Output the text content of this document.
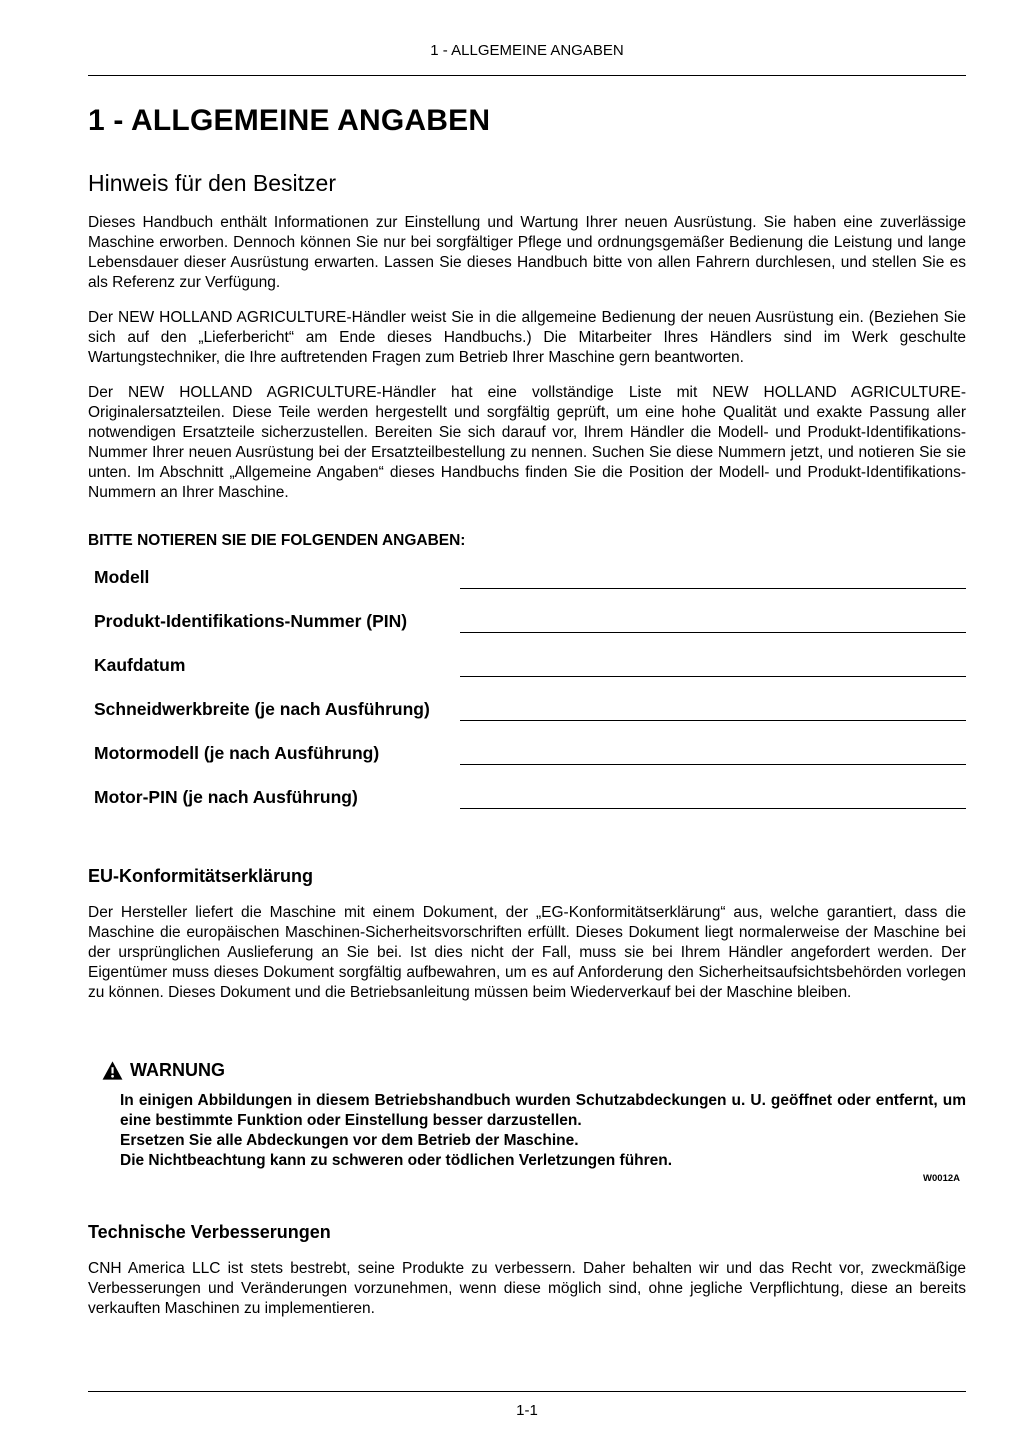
1 - ALLGEMEINE ANGABEN
1 - ALLGEMEINE ANGABEN
Hinweis für den Besitzer

Dieses Handbuch enthält Informationen zur Einstellung und Wartung Ihrer neuen Ausrüstung. Sie haben eine zuverlässige Maschine erworben. Dennoch können Sie nur bei sorgfältiger Pflege und ordnungsgemäßer Bedienung die Leistung und lange Lebensdauer dieser Ausrüstung erwarten. Lassen Sie dieses Handbuch bitte von allen Fahrern durchlesen, und stellen Sie es als Referenz zur Verfügung.

Der NEW HOLLAND AGRICULTURE-Händler weist Sie in die allgemeine Bedienung der neuen Ausrüstung ein. (Beziehen Sie sich auf den „Lieferbericht“ am Ende dieses Handbuchs.) Die Mitarbeiter Ihres Händlers sind im Werk geschulte Wartungstechniker, die Ihre auftretenden Fragen zum Betrieb Ihrer Maschine gern beantworten.

Der NEW HOLLAND AGRICULTURE-Händler hat eine vollständige Liste mit NEW HOLLAND AGRICULTURE-Originalersatzteilen. Diese Teile werden hergestellt und sorgfältig geprüft, um eine hohe Qualität und exakte Passung aller notwendigen Ersatzteile sicherzustellen. Bereiten Sie sich darauf vor, Ihrem Händler die Modell- und Produkt-Identifikations-Nummer Ihrer neuen Ausrüstung bei der Ersatzteilbestellung zu nennen. Suchen Sie diese Nummern jetzt, und notieren Sie sie unten. Im Abschnitt „Allgemeine Angaben“ dieses Handbuchs finden Sie die Position der Modell- und Produkt-Identifikations-Nummern an Ihrer Maschine.

BITTE NOTIEREN SIE DIE FOLGENDEN ANGABEN:
Modell
Produkt-Identifikations-Nummer (PIN)
Kaufdatum
Schneidwerkbreite (je nach Ausführung)
Motormodell (je nach Ausführung)
Motor-PIN (je nach Ausführung)
EU-Konformitätserklärung

Der Hersteller liefert die Maschine mit einem Dokument, der „EG-Konformitätserklärung“ aus, welche garantiert, dass die Maschine die europäischen Maschinen-Sicherheitsvorschriften erfüllt. Dieses Dokument liegt normalerweise der Maschine bei der ursprünglichen Auslieferung an Sie bei. Ist dies nicht der Fall, muss sie bei Ihrem Händler angefordert werden. Der Eigentümer muss dieses Dokument sorgfältig aufbewahren, um es auf Anforderung den Sicherheitsaufsichtsbehörden vorlegen zu können. Dieses Dokument und die Betriebsanleitung müssen beim Wiederverkauf bei der Maschine bleiben.

WARNUNG

In einigen Abbildungen in diesem Betriebshandbuch wurden Schutzabdeckungen u. U. geöffnet oder entfernt, um eine bestimmte Funktion oder Einstellung besser darzustellen.

Ersetzen Sie alle Abdeckungen vor dem Betrieb der Maschine.

Die Nichtbeachtung kann zu schweren oder tödlichen Verletzungen führen.

W0012A
Technische Verbesserungen

CNH America LLC ist stets bestrebt, seine Produkte zu verbessern. Daher behalten wir und das Recht vor, zweckmäßige Verbesserungen und Veränderungen vorzunehmen, wenn diese möglich sind, ohne jegliche Verpflichtung, diese an bereits verkauften Maschinen zu implementieren.

1-1
